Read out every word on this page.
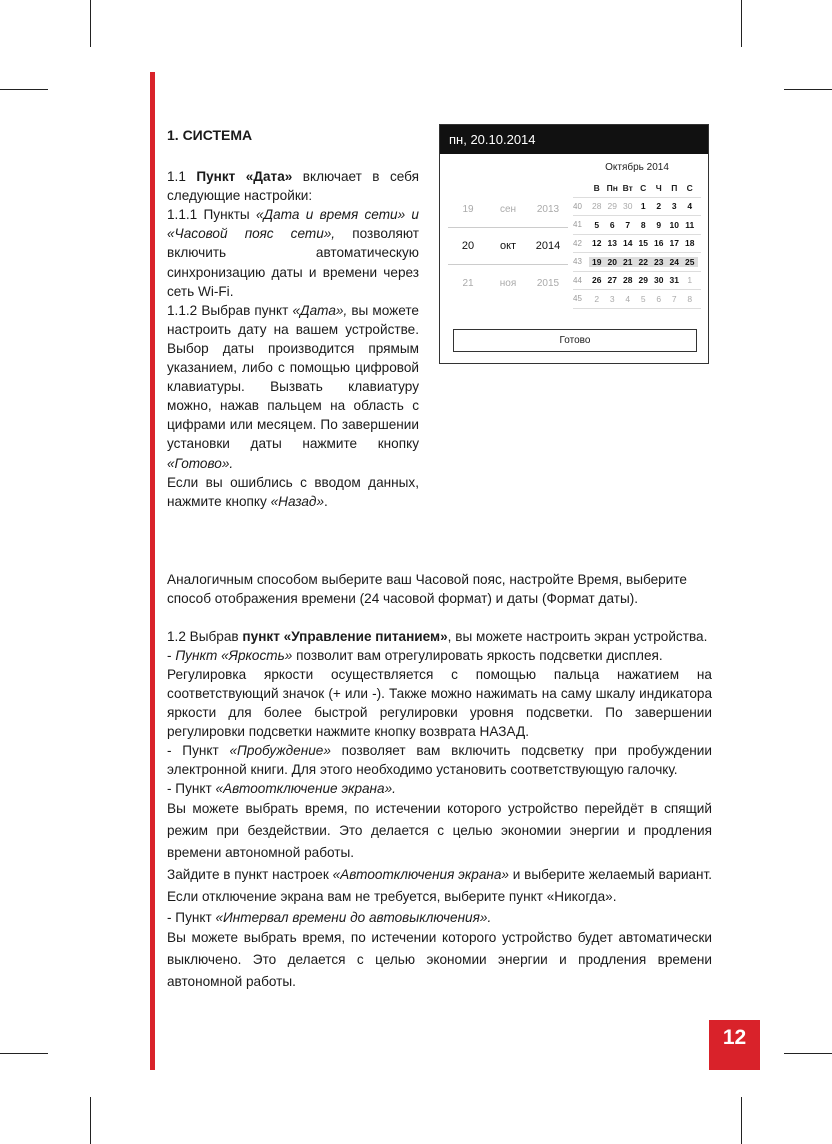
1. СИСТЕМА

1.1 Пункт «Дата» включает в себя следующие настройки:

1.1.1 Пункты «Дата и время сети» и «Часовой пояс сети», позволяют включить автоматическую синхронизацию даты и времени через сеть Wi-Fi.

1.1.2 Выбрав пункт «Дата», вы можете настроить дату на вашем устройстве. Выбор даты производится прямым указанием, либо с помощью цифровой клавиатуры. Вызвать клавиатуру можно, нажав пальцем на область с цифрами или месяцем. По завершении установки даты нажмите кнопку «Готово».

Если вы ошиблись с вводом данных, нажмите кнопку «Назад».

пн, 20.10.2014
19	сен	2013
20	окт	2014
21	ноя	2015
Октябрь 2014
В Пн Вт С	Ч	П	С
40	28 29 30 1	2	3	4
41	5	6	7	8	9 10 11
42	12 13 14 15 16 17 18
43	19 20 21 22 23 24 25
44	26 27 28 29 30 31 1
45	2	3	4	5	6	7	8
Готово

Аналогичным способом выберите ваш Часовой пояс, настройте Время, выберите способ отображения времени (24 часовой формат) и даты (Формат даты).

1.2 Выбрав пункт «Управление питанием», вы можете настроить экран устройства.

- Пункт «Яркость» позволит вам отрегулировать яркость подсветки дисплея.

Регулировка яркости осуществляется с помощью пальца нажатием на соответствующий значок (+ или -). Также можно нажимать на саму шкалу индикатора яркости для более быстрой регулировки уровня подсветки. По завершении регулировки подсветки нажмите кнопку возврата НАЗАД.

- Пункт «Пробуждение» позволяет вам включить подсветку при пробуждении электронной книги. Для этого необходимо установить соответствующую галочку.

- Пункт «Автоотключение экрана».

Вы можете выбрать время, по истечении которого устройство перейдёт в спящий режим при бездействии. Это делается с целью экономии энергии и продления времени автономной работы.

Зайдите в пункт настроек «Автоотключения экрана» и выберите желаемый вариант. Если отключение экрана вам не требуется, выберите пункт «Никогда».

- Пункт «Интервал времени до автовыключения».

Вы можете выбрать время, по истечении которого устройство будет автоматически выключено. Это делается с целью экономии энергии и продления времени автономной работы.

12
